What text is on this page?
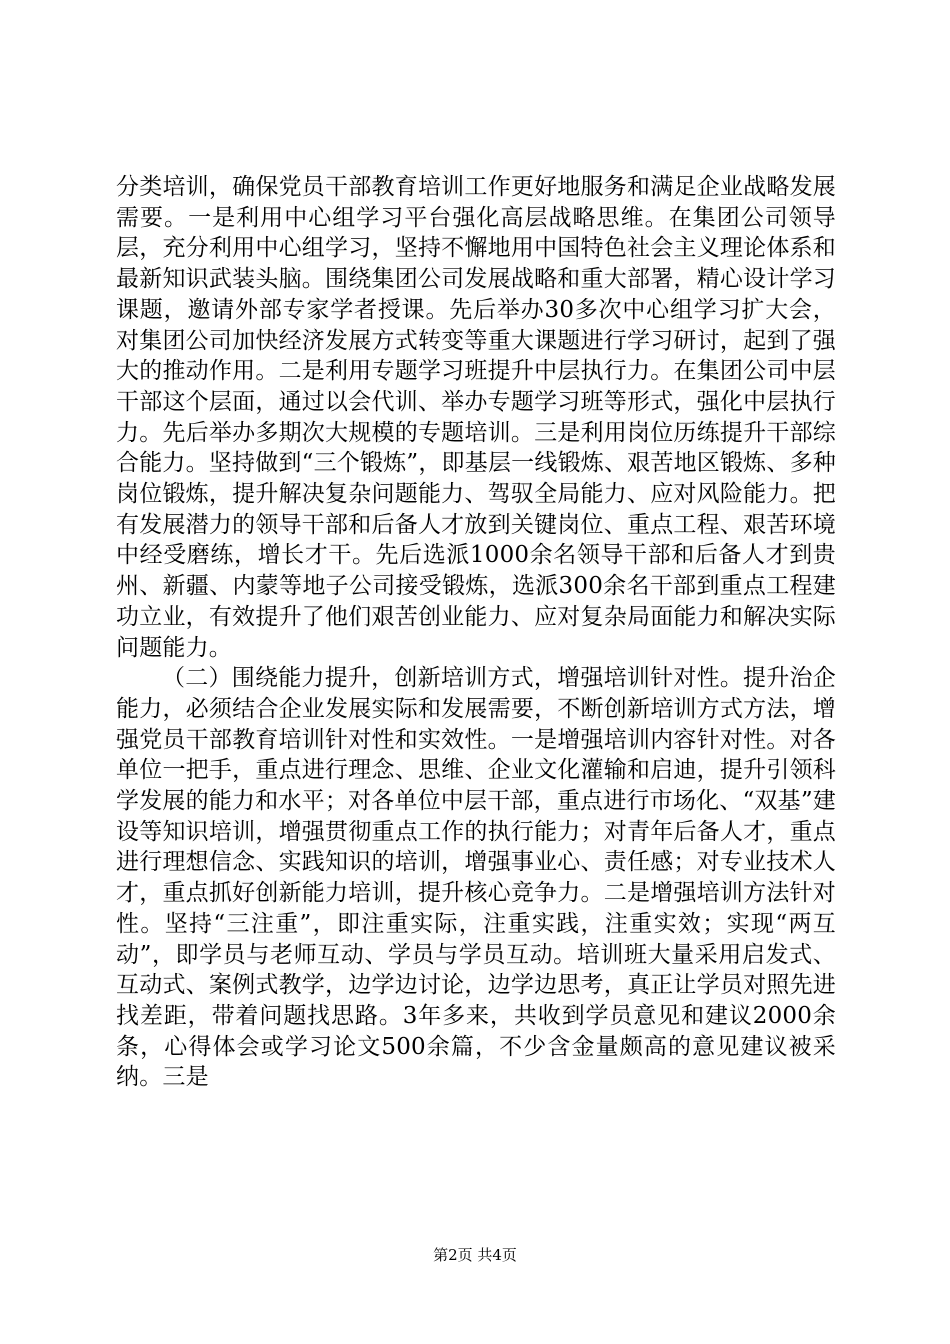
分类培训，确保党员干部教育培训工作更好地服务和满足企业战略发展需要。一是利用中心组学习平台强化高层战略思维。在集团公司领导层，充分利用中心组学习，坚持不懈地用中国特色社会主义理论体系和最新知识武装头脑。围绕集团公司发展战略和重大部署，精心设计学习课题，邀请外部专家学者授课。先后举办30多次中心组学习扩大会，对集团公司加快经济发展方式转变等重大课题进行学习研讨，起到了强大的推动作用。二是利用专题学习班提升中层执行力。在集团公司中层干部这个层面，通过以会代训、举办专题学习班等形式，强化中层执行力。先后举办多期次大规模的专题培训。三是利用岗位历练提升干部综合能力。坚持做到“三个锻炼”，即基层一线锻炼、艰苦地区锻炼、多种岗位锻炼，提升解决复杂问题能力、驾驭全局能力、应对风险能力。把有发展潜力的领导干部和后备人才放到关键岗位、重点工程、艰苦环境中经受磨练，增长才干。先后选派1000余名领导干部和后备人才到贵州、新疆、内蒙等地子公司接受锻炼，选派300余名干部到重点工程建功立业，有效提升了他们艰苦创业能力、应对复杂局面能力和解决实际问题能力。

（二）围绕能力提升，创新培训方式，增强培训针对性。提升治企能力，必须结合企业发展实际和发展需要，不断创新培训方式方法，增强党员干部教育培训针对性和实效性。一是增强培训内容针对性。对各单位一把手，重点进行理念、思维、企业文化灌输和启迪，提升引领科学发展的能力和水平；对各单位中层干部，重点进行市场化、“双基”建设等知识培训，增强贯彻重点工作的执行能力；对青年后备人才，重点进行理想信念、实践知识的培训，增强事业心、责任感；对专业技术人才，重点抓好创新能力培训，提升核心竞争力。二是增强培训方法针对性。坚持“三注重”，即注重实际，注重实践，注重实效；实现“两互动”，即学员与老师互动、学员与学员互动。培训班大量采用启发式、互动式、案例式教学，边学边讨论，边学边思考，真正让学员对照先进找差距，带着问题找思路。3年多来，共收到学员意见和建议2000余条，心得体会或学习论文500余篇，不少含金量颇高的意见建议被采纳。三是

第2页 共4页
